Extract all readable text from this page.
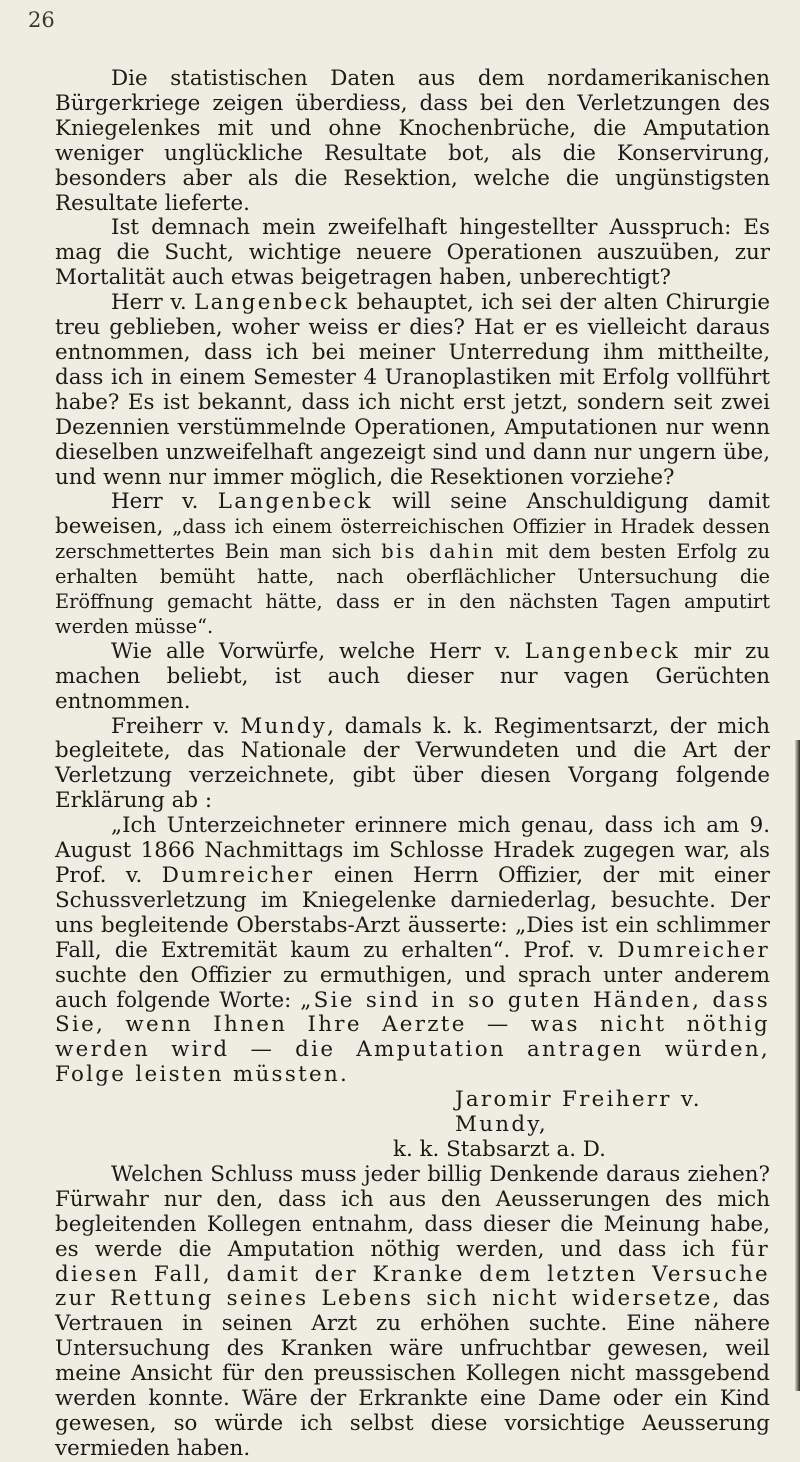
26

Die statistischen Daten aus dem nordamerikanischen Bürgerkriege zeigen überdiess, dass bei den Verletzungen des Kniegelenkes mit und ohne Knochenbrüche, die Amputation weniger unglückliche Resultate bot, als die Konservirung, besonders aber als die Resektion, welche die ungünstigsten Resultate lieferte.

Ist demnach mein zweifelhaft hingestellter Ausspruch: Es mag die Sucht, wichtige neuere Operationen auszuüben, zur Mortalität auch etwas beigetragen haben, unberechtigt?

Herr v. Langenbeck behauptet, ich sei der alten Chirurgie treu geblieben, woher weiss er dies? Hat er es vielleicht daraus entnommen, dass ich bei meiner Unterredung ihm mittheilte, dass ich in einem Semester 4 Uranoplastiken mit Erfolg vollführt habe? Es ist bekannt, dass ich nicht erst jetzt, sondern seit zwei Dezennien verstümmelnde Operationen, Amputationen nur wenn dieselben unzweifelhaft angezeigt sind und dann nur ungern übe, und wenn nur immer möglich, die Resektionen vorziehe?

Herr v. Langenbeck will seine Anschuldigung damit beweisen, „dass ich einem österreichischen Offizier in Hradek dessen zerschmettertes Bein man sich bis dahin mit dem besten Erfolg zu erhalten bemüht hatte, nach oberflächlicher Untersuchung die Eröffnung gemacht hätte, dass er in den nächsten Tagen amputirt werden müsse“.

Wie alle Vorwürfe, welche Herr v. Langenbeck mir zu machen beliebt, ist auch dieser nur vagen Gerüchten entnommen.

Freiherr v. Mundy, damals k. k. Regimentsarzt, der mich begleitete, das Nationale der Verwundeten und die Art der Verletzung verzeichnete, gibt über diesen Vorgang folgende Erklärung ab :

„Ich Unterzeichneter erinnere mich genau, dass ich am 9. August 1866 Nachmittags im Schlosse Hradek zugegen war, als Prof. v. Dumreicher einen Herrn Offizier, der mit einer Schussverletzung im Kniegelenke darniederlag, besuchte. Der uns begleitende Oberstabs-Arzt äusserte: „Dies ist ein schlimmer Fall, die Extremität kaum zu erhalten“. Prof. v. Dumreicher suchte den Offizier zu ermuthigen, und sprach unter anderem auch folgende Worte: „Sie sind in so guten Händen, dass Sie, wenn Ihnen Ihre Aerzte — was nicht nöthig werden wird — die Amputation antragen würden, Folge leisten müssten.

Jaromir Freiherr v. Mundy,

k. k. Stabsarzt a. D.

Welchen Schluss muss jeder billig Denkende daraus ziehen? Fürwahr nur den, dass ich aus den Aeusserungen des mich begleitenden Kollegen entnahm, dass dieser die Meinung habe, es werde die Amputation nöthig werden, und dass ich für diesen Fall, damit der Kranke dem letzten Versuche zur Rettung seines Lebens sich nicht widersetze, das Vertrauen in seinen Arzt zu erhöhen suchte. Eine nähere Untersuchung des Kranken wäre unfruchtbar gewesen, weil meine Ansicht für den preussischen Kollegen nicht massgebend werden konnte. Wäre der Erkrankte eine Dame oder ein Kind gewesen, so würde ich selbst diese vorsichtige Aeusserung vermieden haben.
